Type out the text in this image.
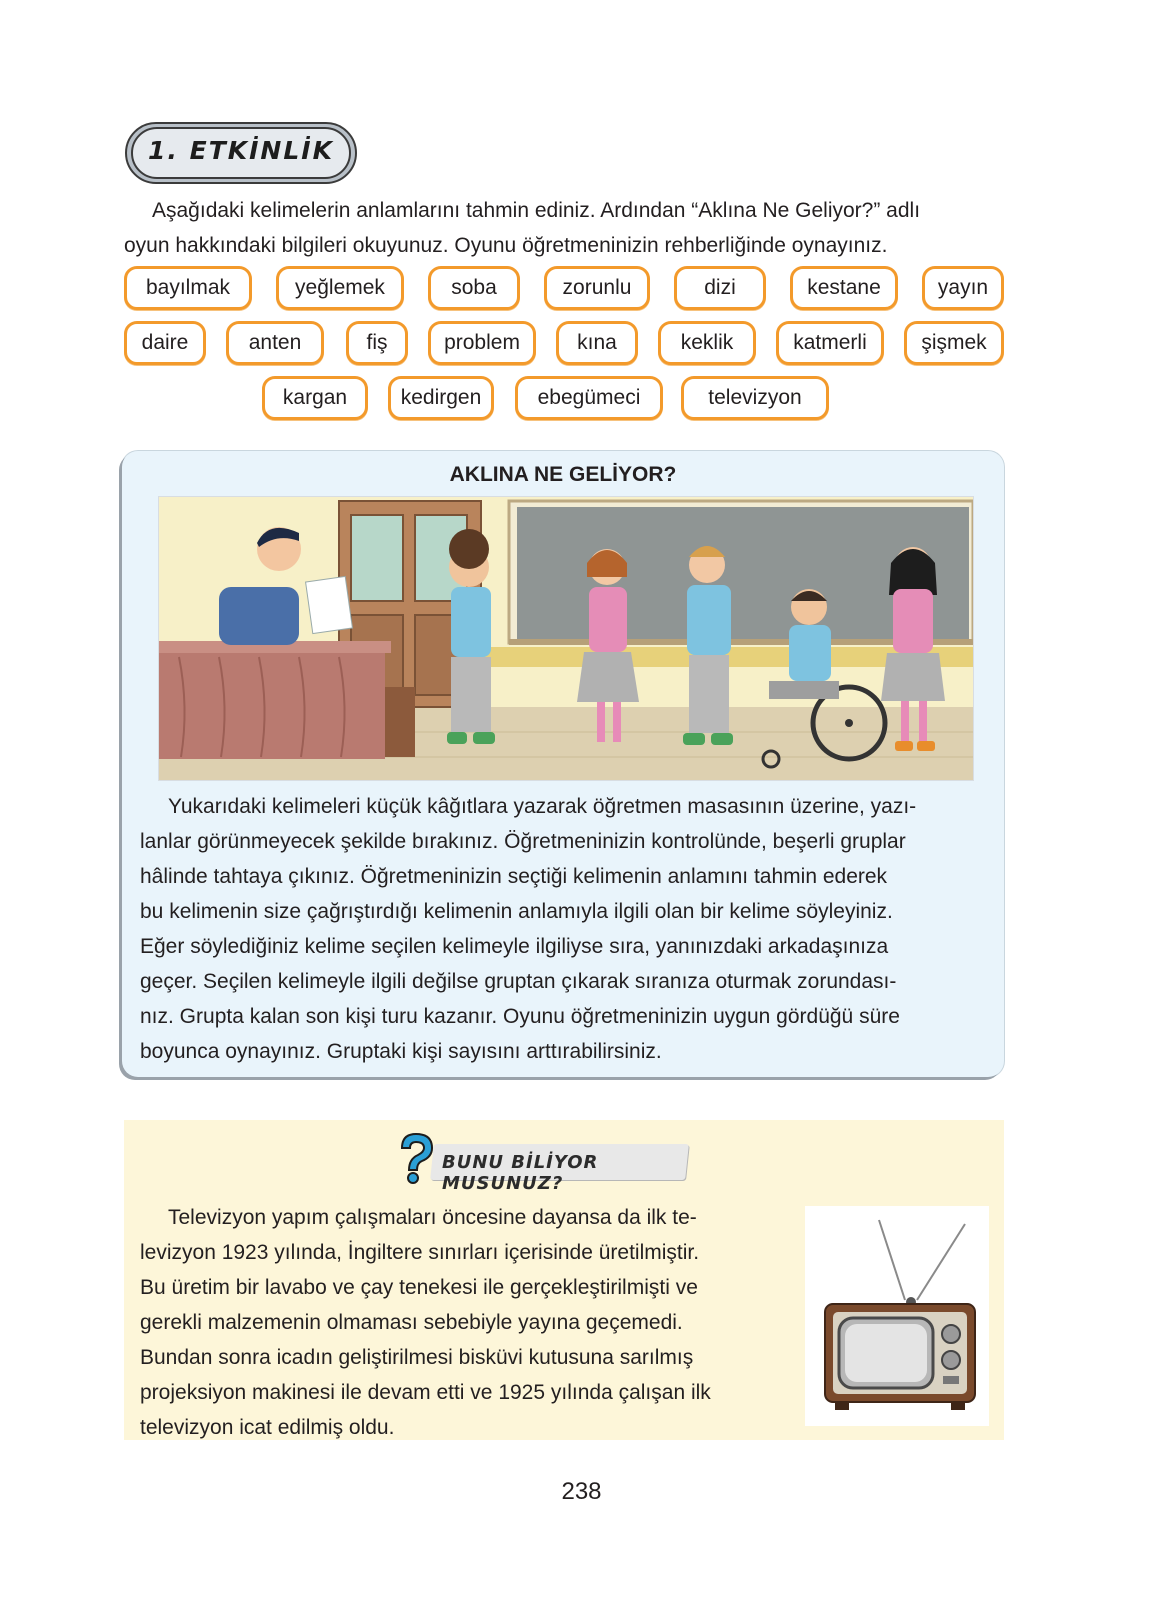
1. ETKİNLİK
Aşağıdaki kelimelerin anlamlarını tahmin ediniz. Ardından “Aklına Ne Geliyor?” adlı
oyun hakkındaki bilgileri okuyunuz. Oyunu öğretmeninizin rehberliğinde oynayınız.
bayılmak	yeğlemek	soba	zorunlu	dizi	kestane	yayın
daire	anten	fiş	problem	kına	keklik	katmerli	şişmek
kargan	kedirgen	ebegümeci	televizyon
AKLINA NE GELİYOR?
Yukarıdaki kelimeleri küçük kâğıtlara yazarak öğretmen masasının üzerine, yazı-
lanlar görünmeyecek şekilde bırakınız. Öğretmeninizin kontrolünde, beşerli gruplar
hâlinde tahtaya çıkınız. Öğretmeninizin seçtiği kelimenin anlamını tahmin ederek
bu kelimenin size çağrıştırdığı kelimenin anlamıyla ilgili olan bir kelime söyleyiniz.
Eğer söylediğiniz kelime seçilen kelimeyle ilgiliyse sıra, yanınızdaki arkadaşınıza
geçer. Seçilen kelimeyle ilgili değilse gruptan çıkarak sıranıza oturmak zorundası-
nız. Grupta kalan son kişi turu kazanır. Oyunu öğretmeninizin uygun gördüğü süre
boyunca oynayınız. Gruptaki kişi sayısını arttırabilirsiniz.
BUNU BİLİYOR MUSUNUZ?
Televizyon yapım çalışmaları öncesine dayansa da ilk te-
levizyon 1923 yılında, İngiltere sınırları içerisinde üretilmiştir.
Bu üretim bir lavabo ve çay tenekesi ile gerçekleştirilmişti ve
gerekli malzemenin olmaması sebebiyle yayına geçemedi.
Bundan sonra icadın geliştirilmesi bisküvi kutusuna sarılmış
projeksiyon makinesi ile devam etti ve 1925 yılında çalışan ilk
televizyon icat edilmiş oldu.
238
